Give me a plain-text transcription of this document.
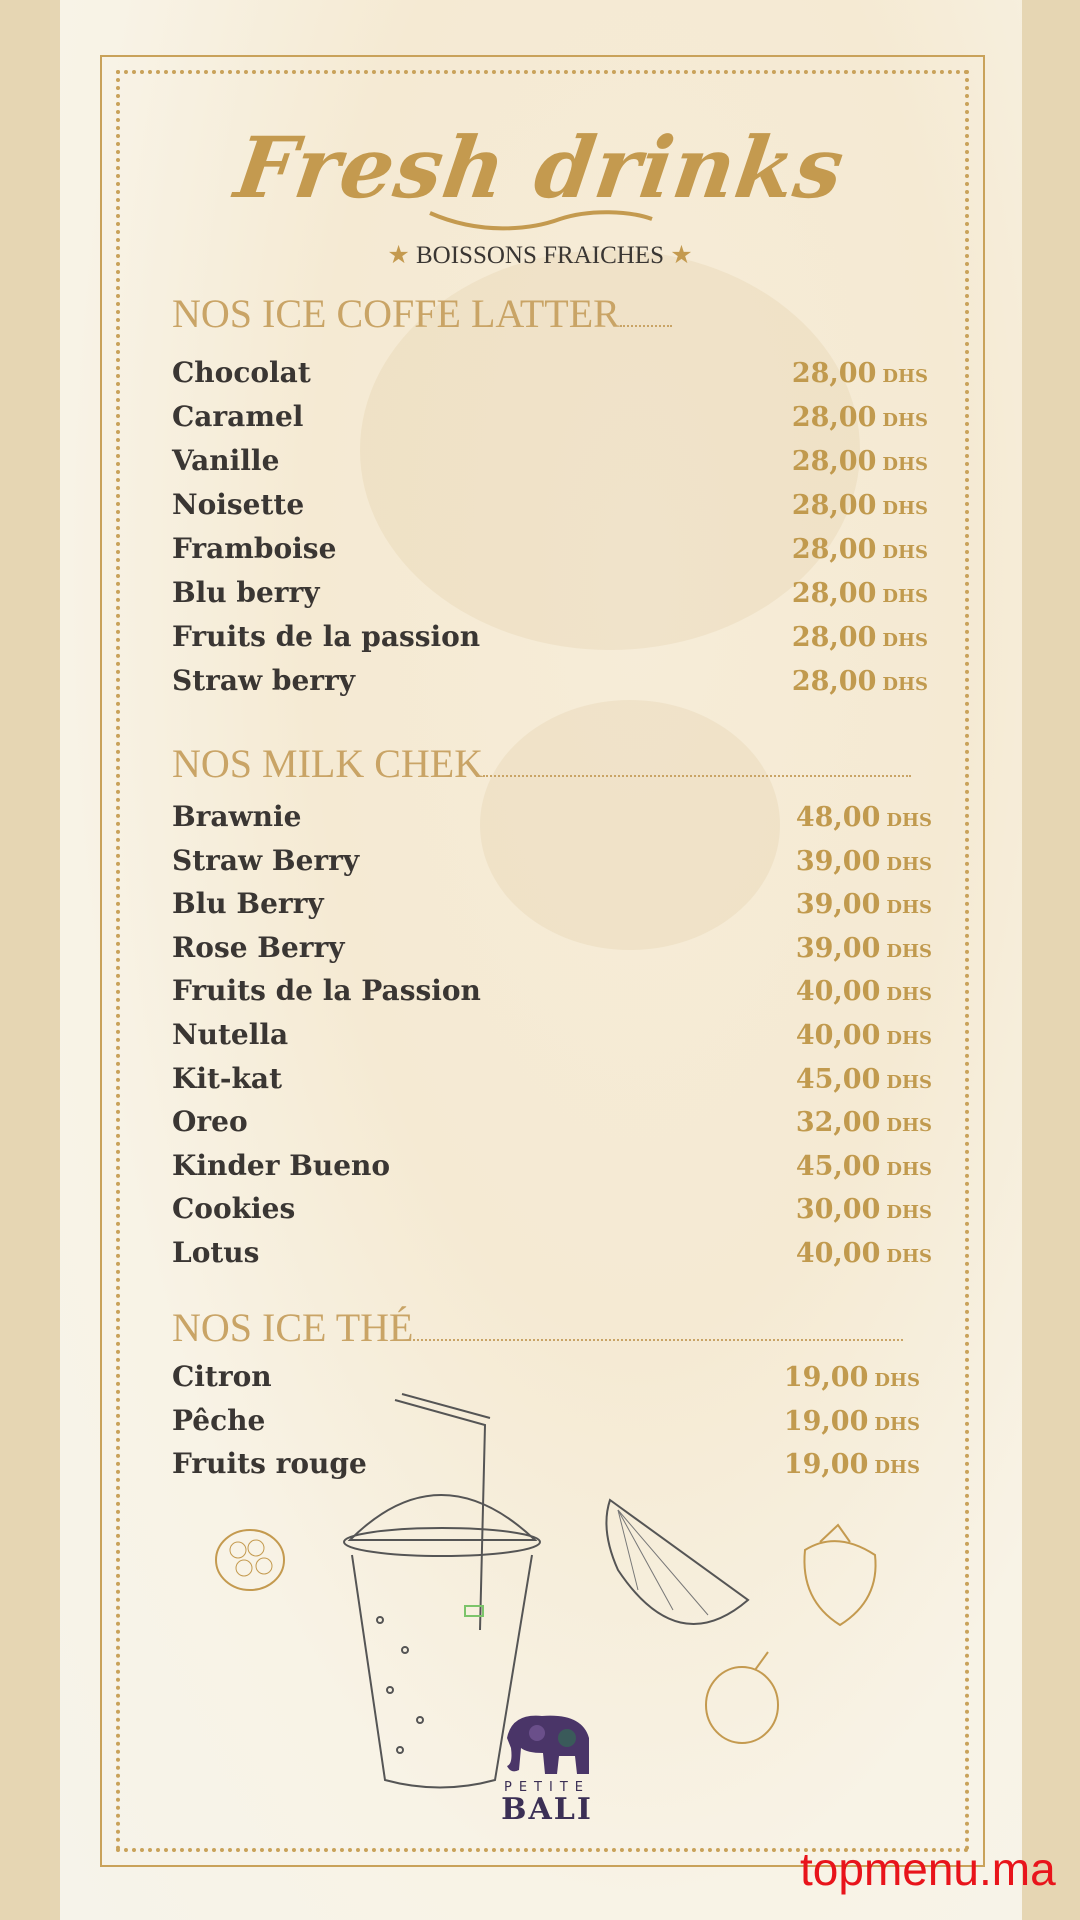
Fresh drinks
★ BOISSONS FRAICHES ★
NOS ICE COFFE LATTER
Chocolat	28,00 DHS
Caramel	28,00 DHS
Vanille	28,00 DHS
Noisette	28,00 DHS
Framboise	28,00 DHS
Blu berry	28,00 DHS
Fruits de la passion	28,00 DHS
Straw berry	28,00 DHS
NOS MILK CHEK
Brawnie	48,00 DHS
Straw Berry	39,00 DHS
Blu Berry	39,00 DHS
Rose Berry	39,00 DHS
Fruits de la Passion	40,00 DHS
Nutella	40,00 DHS
Kit-kat	45,00 DHS
Oreo	32,00 DHS
Kinder Bueno	45,00 DHS
Cookies	30,00 DHS
Lotus	40,00 DHS
NOS ICE THÉ
Citron	19,00 DHS
Pêche	19,00 DHS
Fruits rouge	19,00 DHS
PETITE
BALI
topmenu.ma
